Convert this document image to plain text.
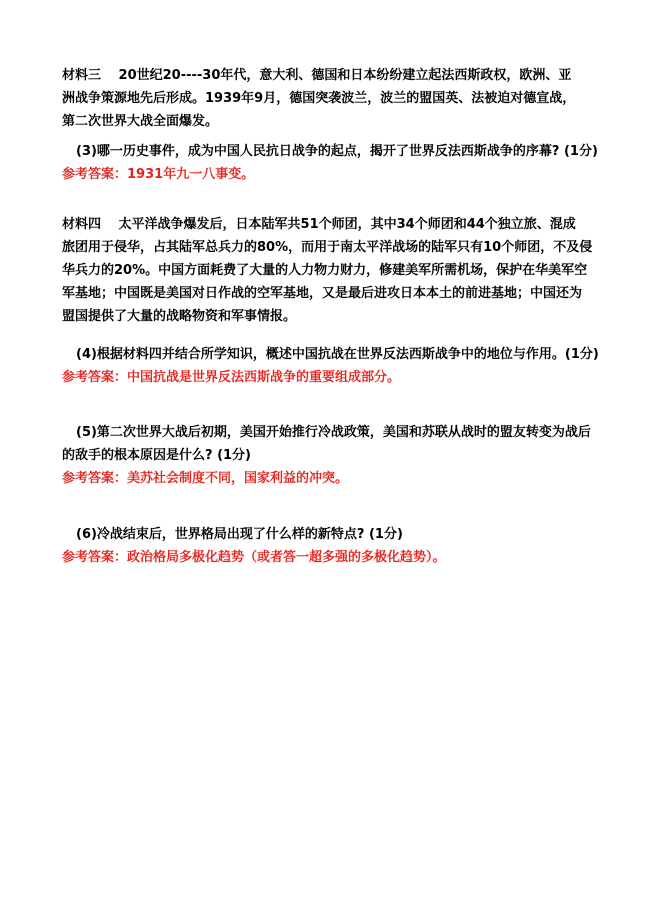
材料三　 20世纪20----30年代，意大利、德国和日本纷纷建立起法西斯政权，欧洲、亚
洲战争策源地先后形成。1939年9月，德国突袭波兰，波兰的盟国英、法被迫对德宣战，
第二次世界大战全面爆发。
(3)哪一历史事件，成为中国人民抗日战争的起点，揭开了世界反法西斯战争的序幕? (1分)
参考答案：1931年九一八事变。
材料四　 太平洋战争爆发后，日本陆军共51个师团，其中34个师团和44个独立旅、混成
旅团用于侵华，占其陆军总兵力的80%，而用于南太平洋战场的陆军只有10个师团，不及侵
华兵力的20%。中国方面耗费了大量的人力物力财力，修建美军所需机场，保护在华美军空
军基地；中国既是美国对日作战的空军基地，又是最后进攻日本本土的前进基地；中国还为
盟国提供了大量的战略物资和军事情报。
(4)根据材料四并结合所学知识，概述中国抗战在世界反法西斯战争中的地位与作用。(1分)
参考答案：中国抗战是世界反法西斯战争的重要组成部分。
(5)第二次世界大战后初期，美国开始推行冷战政策，美国和苏联从战时的盟友转变为战后
的敌手的根本原因是什么? (1分)
参考答案：美苏社会制度不同，国家利益的冲突。
(6)冷战结束后，世界格局出现了什么样的新特点? (1分)
参考答案：政治格局多极化趋势（或者答一超多强的多极化趋势）。
